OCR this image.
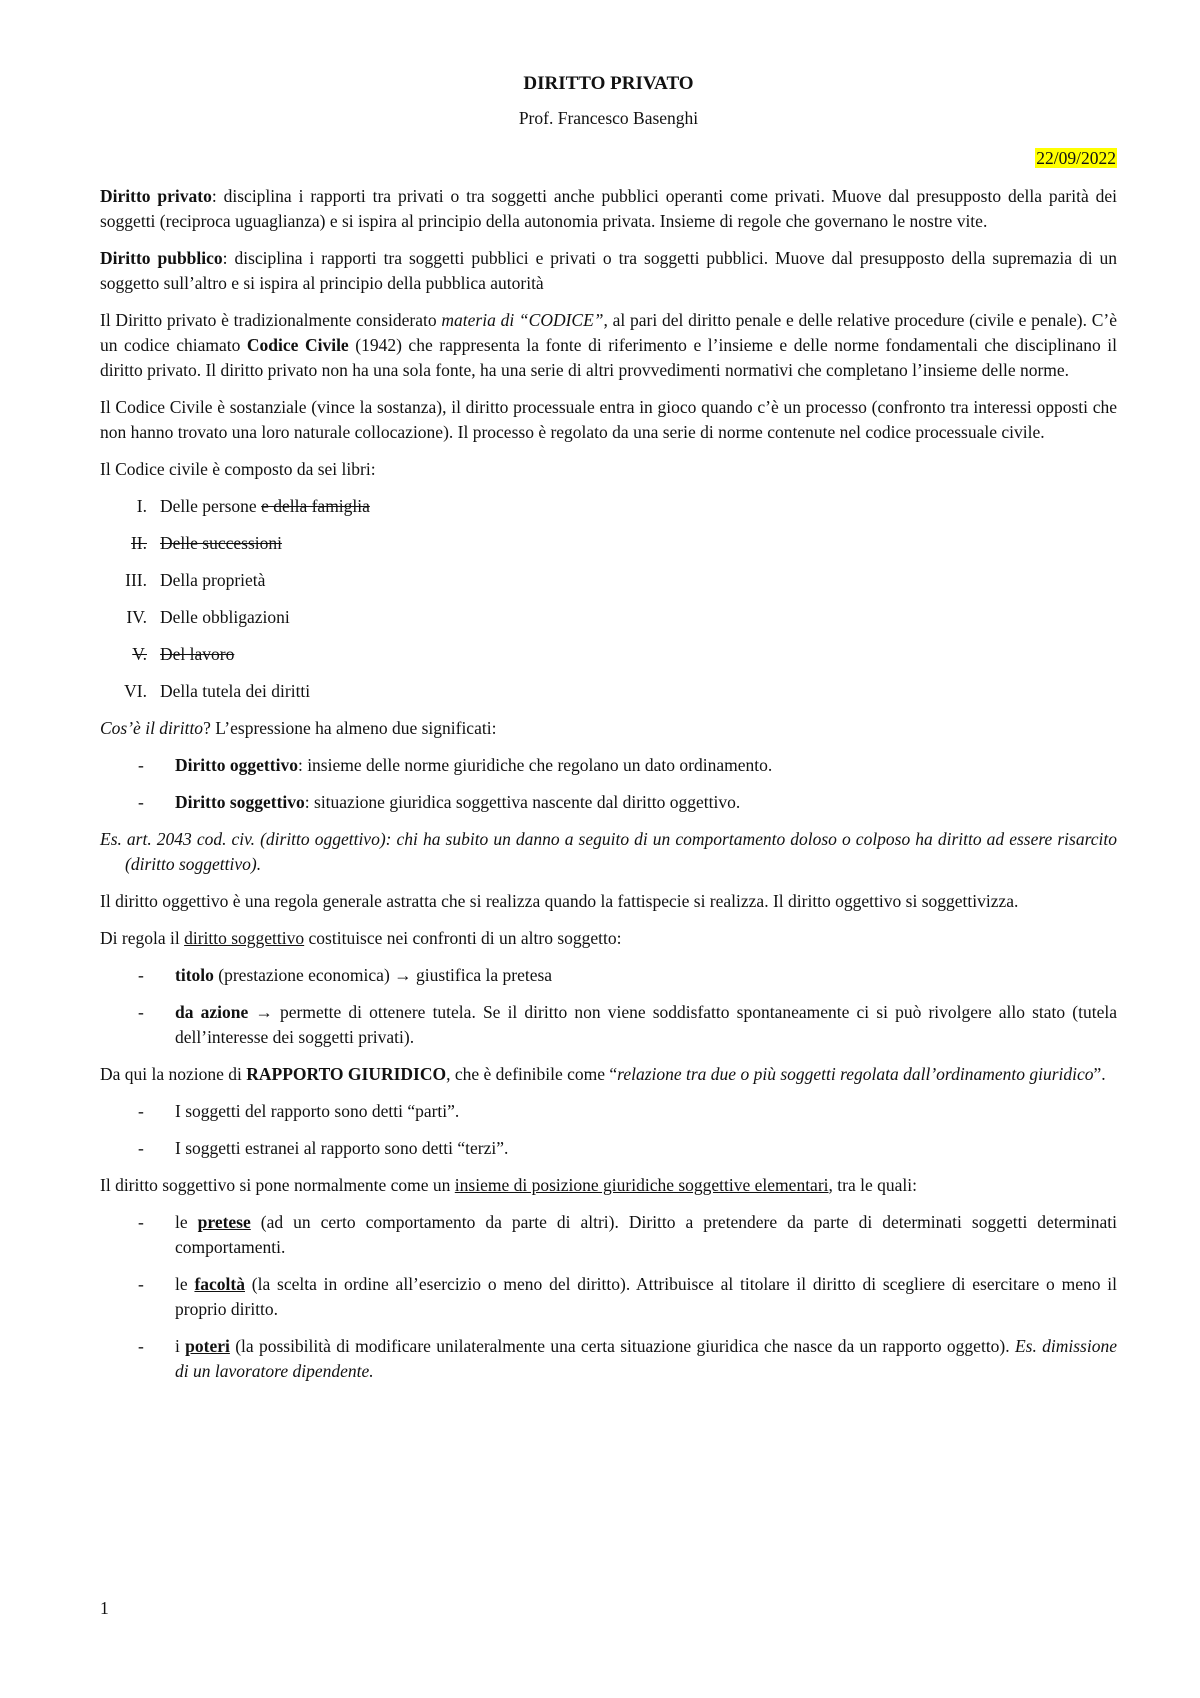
DIRITTO PRIVATO
Prof. Francesco Basenghi
22/09/2022

Diritto privato: disciplina i rapporti tra privati o tra soggetti anche pubblici operanti come privati. Muove dal presupposto della parità dei soggetti (reciproca uguaglianza) e si ispira al principio della autonomia privata. Insieme di regole che governano le nostre vite.

Diritto pubblico: disciplina i rapporti tra soggetti pubblici e privati o tra soggetti pubblici. Muove dal presupposto della supremazia di un soggetto sull’altro e si ispira al principio della pubblica autorità

Il Diritto privato è tradizionalmente considerato materia di “CODICE”, al pari del diritto penale e delle relative procedure (civile e penale). C’è un codice chiamato Codice Civile (1942) che rappresenta la fonte di riferimento e l’insieme e delle norme fondamentali che disciplinano il diritto privato. Il diritto privato non ha una sola fonte, ha una serie di altri provvedimenti normativi che completano l’insieme delle norme.

Il Codice Civile è sostanziale (vince la sostanza), il diritto processuale entra in gioco quando c’è un processo (confronto tra interessi opposti che non hanno trovato una loro naturale collocazione). Il processo è regolato da una serie di norme contenute nel codice processuale civile.

Il Codice civile è composto da sei libri:

I. Delle persone e della famiglia
II. Delle successioni
III. Della proprietà
IV. Delle obbligazioni
V. Del lavoro
VI. Della tutela dei diritti

Cos’è il diritto? L’espressione ha almeno due significati:

-	Diritto oggettivo: insieme delle norme giuridiche che regolano un dato ordinamento.
-	Diritto soggettivo: situazione giuridica soggettiva nascente dal diritto oggettivo.

Es. art. 2043 cod. civ. (diritto oggettivo): chi ha subito un danno a seguito di un comportamento doloso o colposo ha diritto ad essere risarcito (diritto soggettivo).

Il diritto oggettivo è una regola generale astratta che si realizza quando la fattispecie si realizza. Il diritto oggettivo si soggettivizza.

Di regola il diritto soggettivo costituisce nei confronti di un altro soggetto:

-	titolo (prestazione economica) → giustifica la pretesa
-	da azione → permette di ottenere tutela. Se il diritto non viene soddisfatto spontaneamente ci si può rivolgere allo stato (tutela dell’interesse dei soggetti privati).

Da qui la nozione di RAPPORTO GIURIDICO, che è definibile come “relazione tra due o più soggetti regolata dall’ordinamento giuridico”.

-	I soggetti del rapporto sono detti “parti”.
-	I soggetti estranei al rapporto sono detti “terzi”.

Il diritto soggettivo si pone normalmente come un insieme di posizione giuridiche soggettive elementari, tra le quali:

-	le pretese (ad un certo comportamento da parte di altri). Diritto a pretendere da parte di determinati soggetti determinati comportamenti.
-	le facoltà (la scelta in ordine all’esercizio o meno del diritto). Attribuisce al titolare il diritto di scegliere di esercitare o meno il proprio diritto.
-	i poteri (la possibilità di modificare unilateralmente una certa situazione giuridica che nasce da un rapporto oggetto). Es. dimissione di un lavoratore dipendente.
1
